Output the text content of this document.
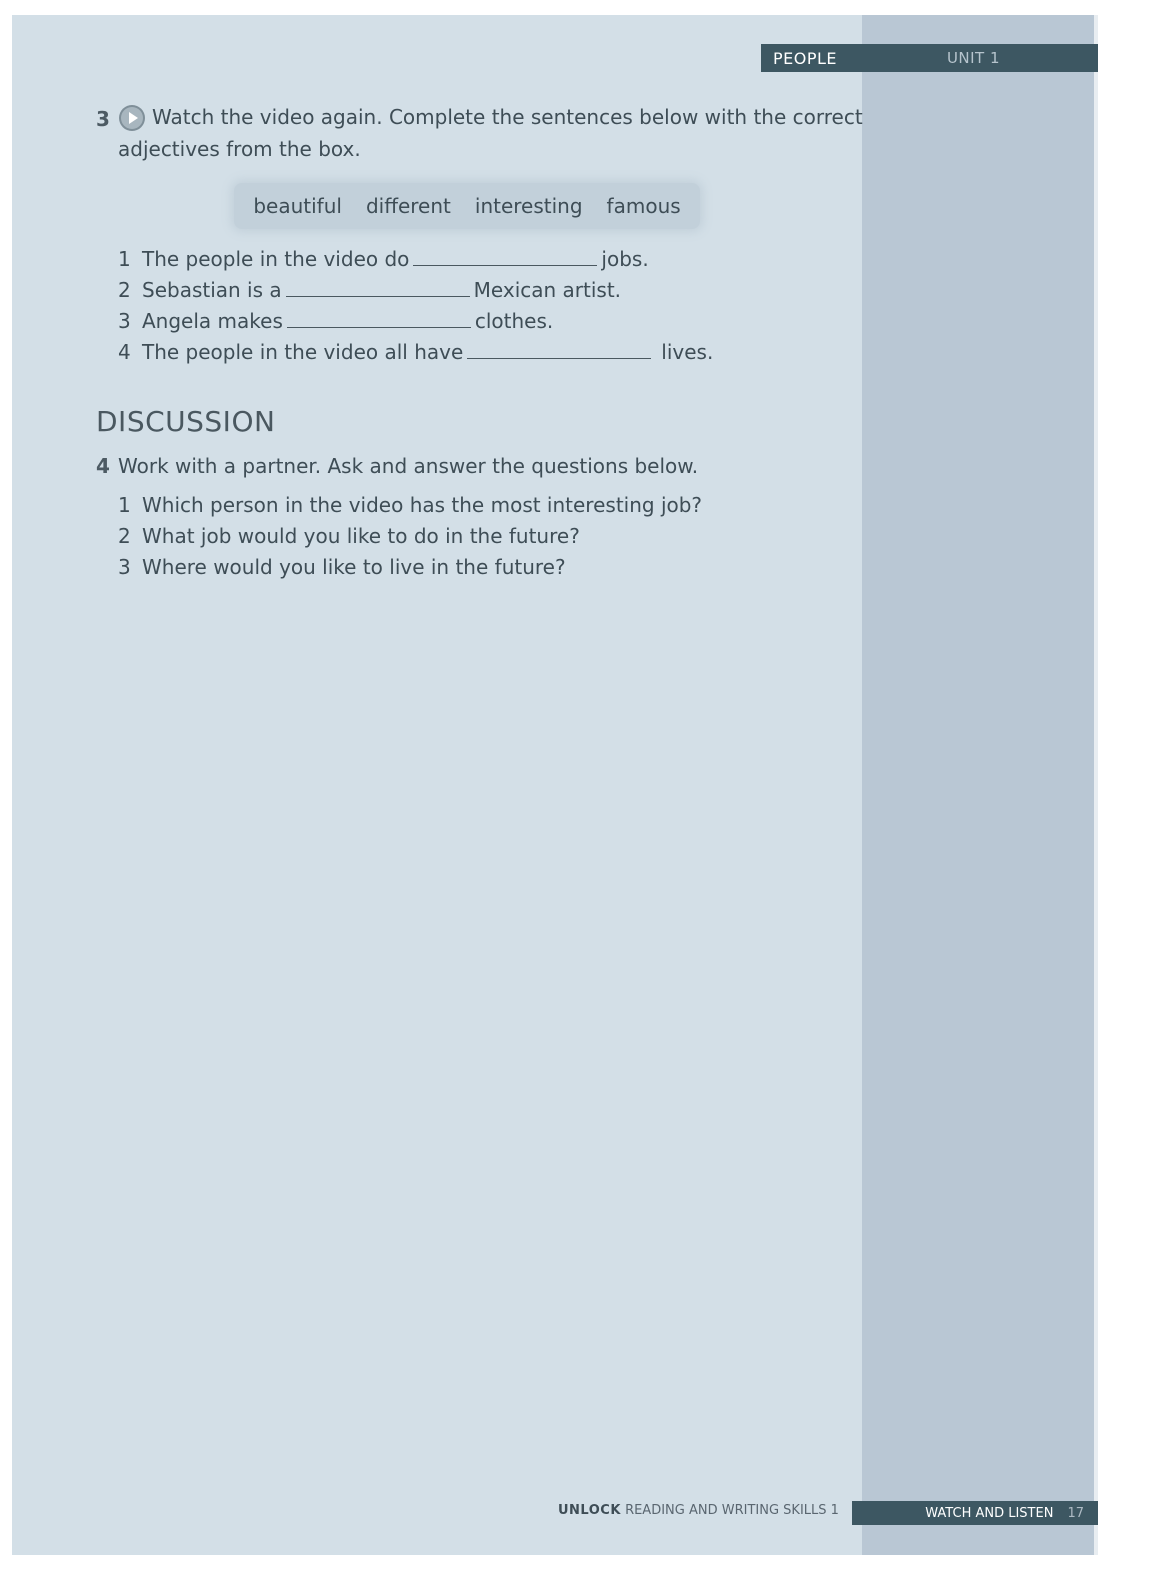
PEOPLE	UNIT 1
3 Watch the video again. Complete the sentences below with the correct
adjectives from the box.
beautiful different interesting famous
1 The people in the video do	jobs.
2 Sebastian is a	Mexican artist.
3 Angela makes	clothes.
4 The people in the video all have	lives.
DISCUSSION
4 Work with a partner. Ask and answer the questions below.
1 Which person in the video has the most interesting job?
2 What job would you like to do in the future?
3 Where would you like to live in the future?
UNLOCK READING AND WRITING SKILLS 1	WATCH AND LISTEN 17
